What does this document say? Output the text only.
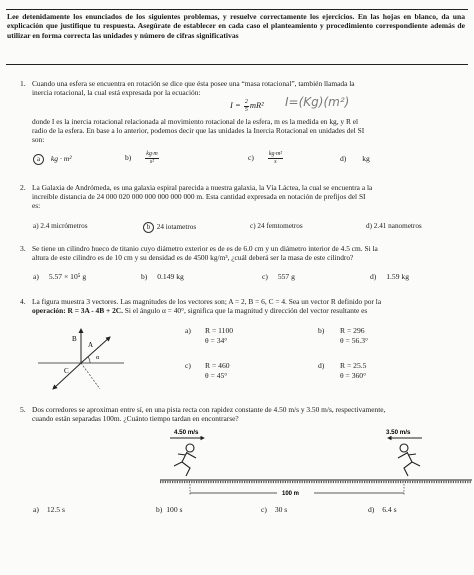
Lee detenidamente los enunciados de los siguientes problemas, y resuelve correctamente los ejercicios. En las hojas en blanco, da una explicación que justifique tu respuesta. Asegúrate de establecer en cada caso el planteamiento y procedimiento correspondiente además de utilizar en forma correcta las unidades y número de cifras significativas
1. Cuando una esfera se encuentra en rotación se dice que ésta posee una “masa rotacional”, también llamada la
inercia rotacional, la cual está expresada por la ecuación:
$I = \frac{2}{5} mR^2$ I=(Kg)(m²)
donde I es la inercia rotacional relacionada al movimiento rotacional de la esfera, m es la medida en kg, y R el
radio de la esfera. En base a lo anterior, podemos decir que las unidades la Inercia Rotacional en unidades del SI
son:
a kg · m²	$b) \frac{kg\cdot m}{\text{s²}}$	$c) \frac{\text{kg·m²}}{s}$	d) kg
2. La Galaxia de Andrómeda, es una galaxia espiral parecida a nuestra galaxia, la Vía Láctea, la cual se encuentra a la
increíble distancia de 24 000 020 000 000 000 000 000 m. Esta cantidad expresada en notación de prefijos del SI
es:
a) 2.4 micrómetros	b 24 iotametros	c) 24 femtometros	d) 2.41 nanometros
3. Se tiene un cilindro hueco de titanio cuyo diámetro exterior es de es de 6.0 cm y un diámetro interior de 4.5 cm. Si la
altura de este cilindro es de 10 cm y su densidad es de 4500 kg/m³, ¿cuál deberá ser la masa de este cilindro?
a) 5.57 × 10⁵ g	b) 0.149 kg	c) 557 g	d) 1.59 kg
4. La figura muestra 3 vectores. Las magnitudes de los vectores son; A = 2, B = 6, C = 4. Sea un vector R definido por la
operación: R = 3A - 4B + 2C. Si el ángulo α = 40°, significa que la magnitud y dirección del vector resultante es
B
A
α
C
a) R = 1100
θ = 34°
b) R = 296
θ = 56.3°
c) R = 460
θ = 45°
d) R = 25.5
θ = 360°
5. Dos corredores se aproximan entre sí, en una pista recta con rapidez constante de 4.50 m/s y 3.50 m/s, respectivamente,
cuando están separadas 100m. ¿Cuánto tiempo tardan en encontrarse?
4.50 m/s	3.50 m/s
100 m
a) 12.5 s	b) 100 s	c) 30 s	d) 6.4 s
